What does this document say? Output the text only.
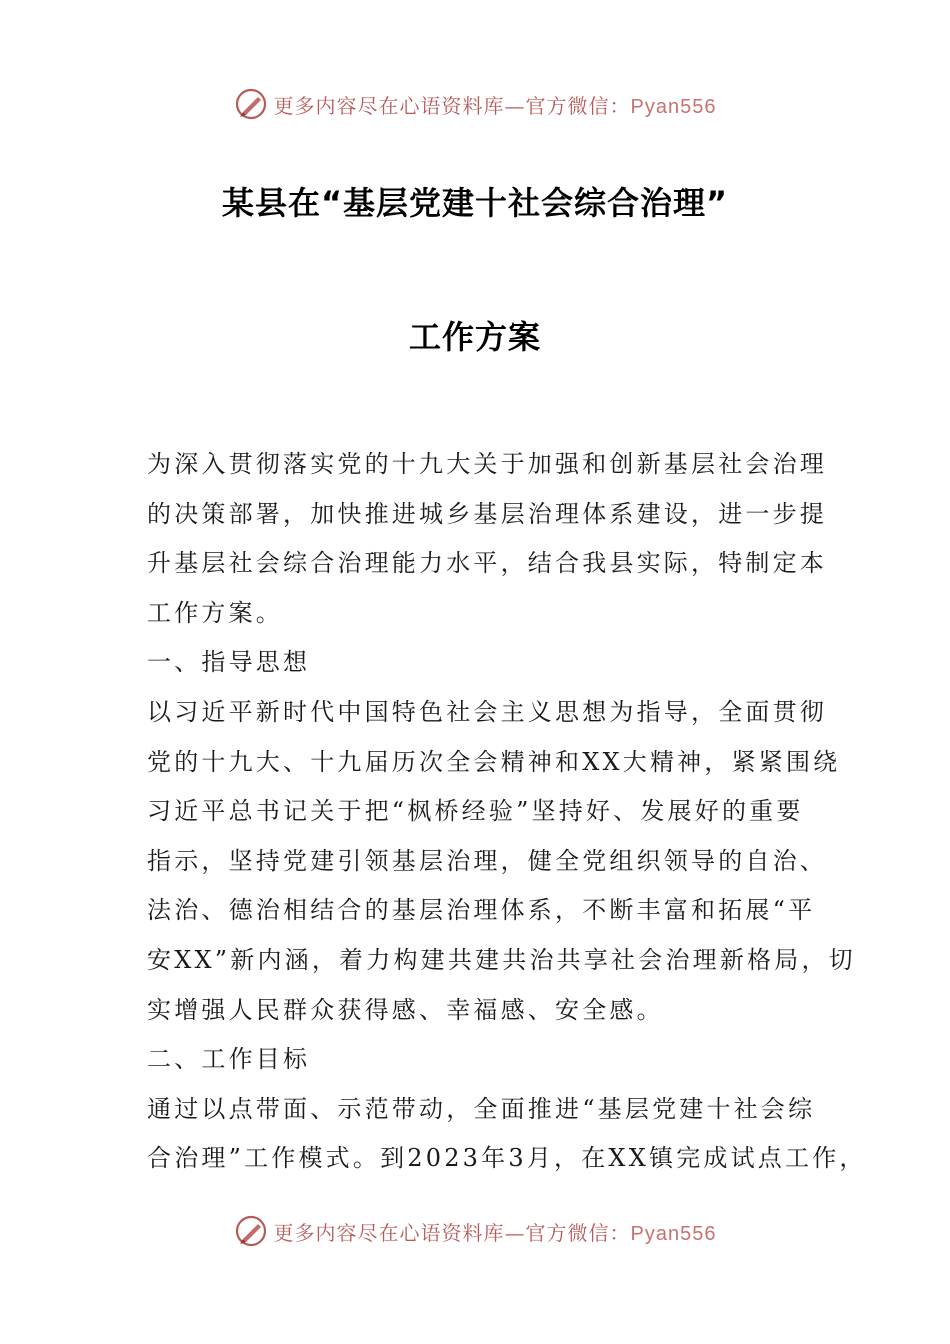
更多内容尽在心语资料库—官方微信：Pyan556
某县在“基层党建十社会综合治理”
工作方案
为深入贯彻落实党的十九大关于加强和创新基层社会治理
的决策部署，加快推进城乡基层治理体系建设，进一步提
升基层社会综合治理能力水平，结合我县实际，特制定本
工作方案。
一、指导思想
以习近平新时代中国特色社会主义思想为指导，全面贯彻
党的十九大、十九届历次全会精神和XX大精神，紧紧围绕
习近平总书记关于把“枫桥经验”坚持好、发展好的重要
指示，坚持党建引领基层治理，健全党组织领导的自治、
法治、德治相结合的基层治理体系，不断丰富和拓展“平
安XX”新内涵，着力构建共建共治共享社会治理新格局，切
实增强人民群众获得感、幸福感、安全感。
二、工作目标
通过以点带面、示范带动，全面推进“基层党建十社会综
合治理”工作模式。到2023年3月，在XX镇完成试点工作，
更多内容尽在心语资料库—官方微信：Pyan556
